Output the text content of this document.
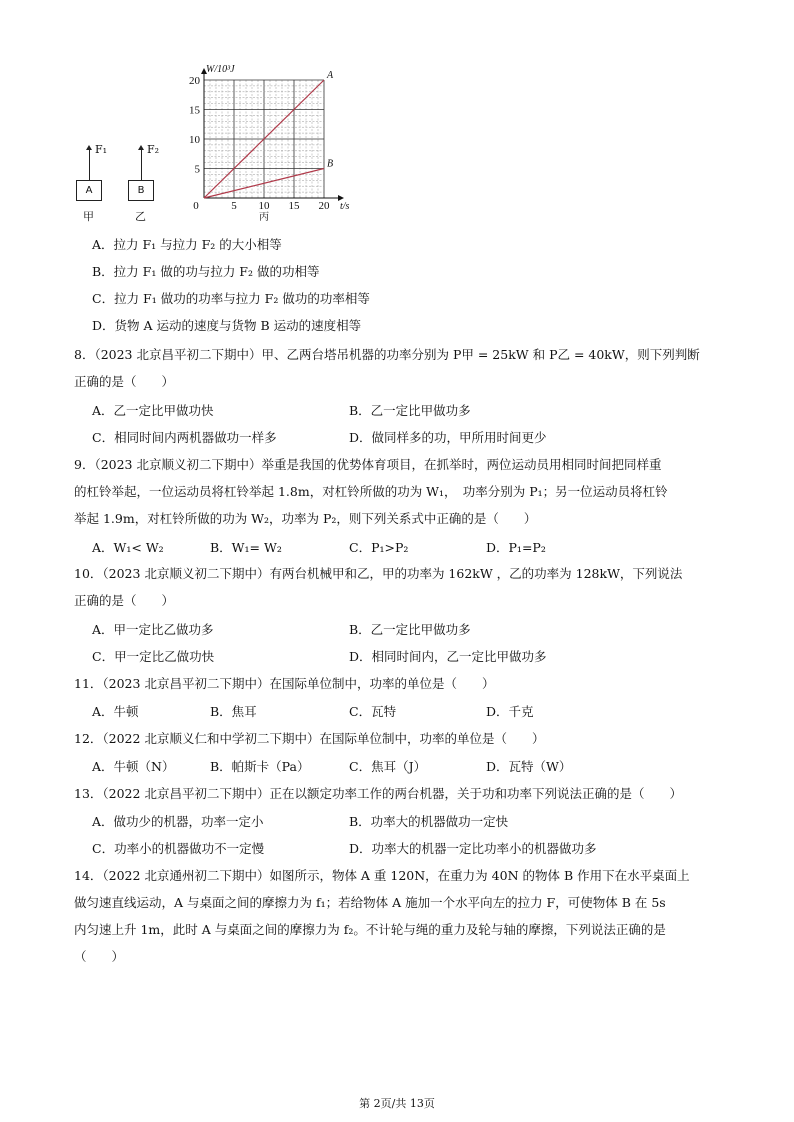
F₁
A
甲
F₂
B
乙
A
B
0	5 10 15 20
5
10
15
20
W/10³J
t/s
丙
A．拉力 F₁ 与拉力 F₂ 的大小相等
B．拉力 F₁ 做的功与拉力 F₂ 做的功相等
C．拉力 F₁ 做功的功率与拉力 F₂ 做功的功率相等
D．货物 A 运动的速度与货物 B 运动的速度相等
8．（2023 北京昌平初二下期中）甲、乙两台塔吊机器的功率分别为 P甲 = 25kW 和 P乙 = 40kW，则下列判断
正确的是（　　）
A．乙一定比甲做功快	B．乙一定比甲做功多
C．相同时间内两机器做功一样多	D．做同样多的功，甲所用时间更少
9．（2023 北京顺义初二下期中）举重是我国的优势体育项目，在抓举时，两位运动员用相同时间把同样重
的杠铃举起，一位运动员将杠铃举起 1.8m，对杠铃所做的功为 W₁，　功率分别为 P₁；另一位运动员将杠铃
举起 1.9m，对杠铃所做的功为 W₂，功率为 P₂，则下列关系式中正确的是（　　）
A．W₁< W₂	B．W₁= W₂	C．P₁>P₂	D．P₁=P₂
10．（2023 北京顺义初二下期中）有两台机械甲和乙，甲的功率为 162kW ，乙的功率为 128kW，下列说法
正确的是（　　）
A．甲一定比乙做功多	B．乙一定比甲做功多
C．甲一定比乙做功快	D．相同时间内，乙一定比甲做功多
11．（2023 北京昌平初二下期中）在国际单位制中，功率的单位是（　　）
A．牛顿	B．焦耳	C．瓦特	D．千克
12．（2022 北京顺义仁和中学初二下期中）在国际单位制中，功率的单位是（　　）
A．牛顿（N）	B．帕斯卡（Pa）	C．焦耳（J）	D．瓦特（W）
13．（2022 北京昌平初二下期中）正在以额定功率工作的两台机器，关于功和功率下列说法正确的是（　　）
A．做功少的机器，功率一定小	B．功率大的机器做功一定快
C．功率小的机器做功不一定慢	D．功率大的机器一定比功率小的机器做功多
14．（2022 北京通州初二下期中）如图所示，物体 A 重 120N，在重力为 40N 的物体 B 作用下在水平桌面上
做匀速直线运动，A 与桌面之间的摩擦力为 f₁；若给物体 A 施加一个水平向左的拉力 F，可使物体 B 在 5s
内匀速上升 1m，此时 A 与桌面之间的摩擦力为 f₂。不计轮与绳的重力及轮与轴的摩擦，下列说法正确的是
（　　）
第 2页/共 13页
